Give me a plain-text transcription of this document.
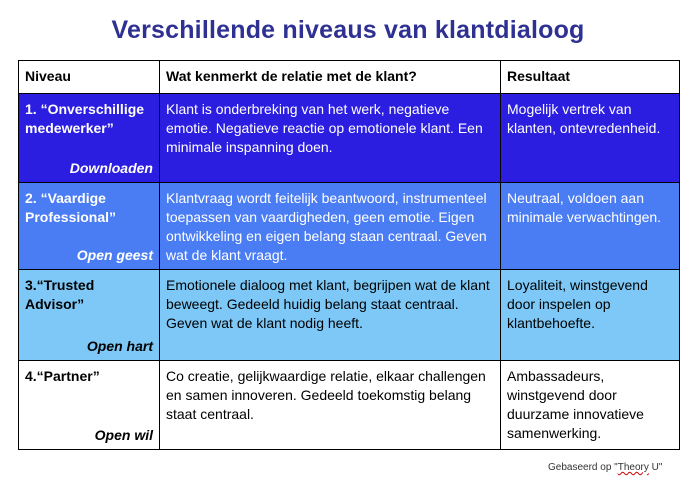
Verschillende niveaus van klantdialoog
Niveau	Wat kenmerkt de relatie met de klant?	Resultaat

1. “Onverschillige medewerker”
Downloaden	Klant is onderbreking van het werk, negatieve emotie. Negatieve reactie op emotionele klant. Een minimale inspanning doen.	Mogelijk vertrek van klanten, ontevredenheid.

2. “Vaardige Professional”
Open geest	Klantvraag wordt feitelijk beantwoord, instrumenteel toepassen van vaardigheden, geen emotie. Eigen ontwikkeling en eigen belang staan centraal. Geven wat de klant vraagt.	Neutraal, voldoen aan minimale verwachtingen.

3.“Trusted Advisor”
Open hart	Emotionele dialoog met klant, begrijpen wat de klant beweegt. Gedeeld huidig belang staat centraal. Geven wat de klant nodig heeft.	Loyaliteit, winstgevend door inspelen op klantbehoefte.

4.“Partner”
Open wil	Co creatie, gelijkwaardige relatie, elkaar challengen en samen innoveren. Gedeeld toekomstig belang staat centraal.	Ambassadeurs, winstgevend door duurzame innovatieve samenwerking.
Gebaseerd op "Theory U"
